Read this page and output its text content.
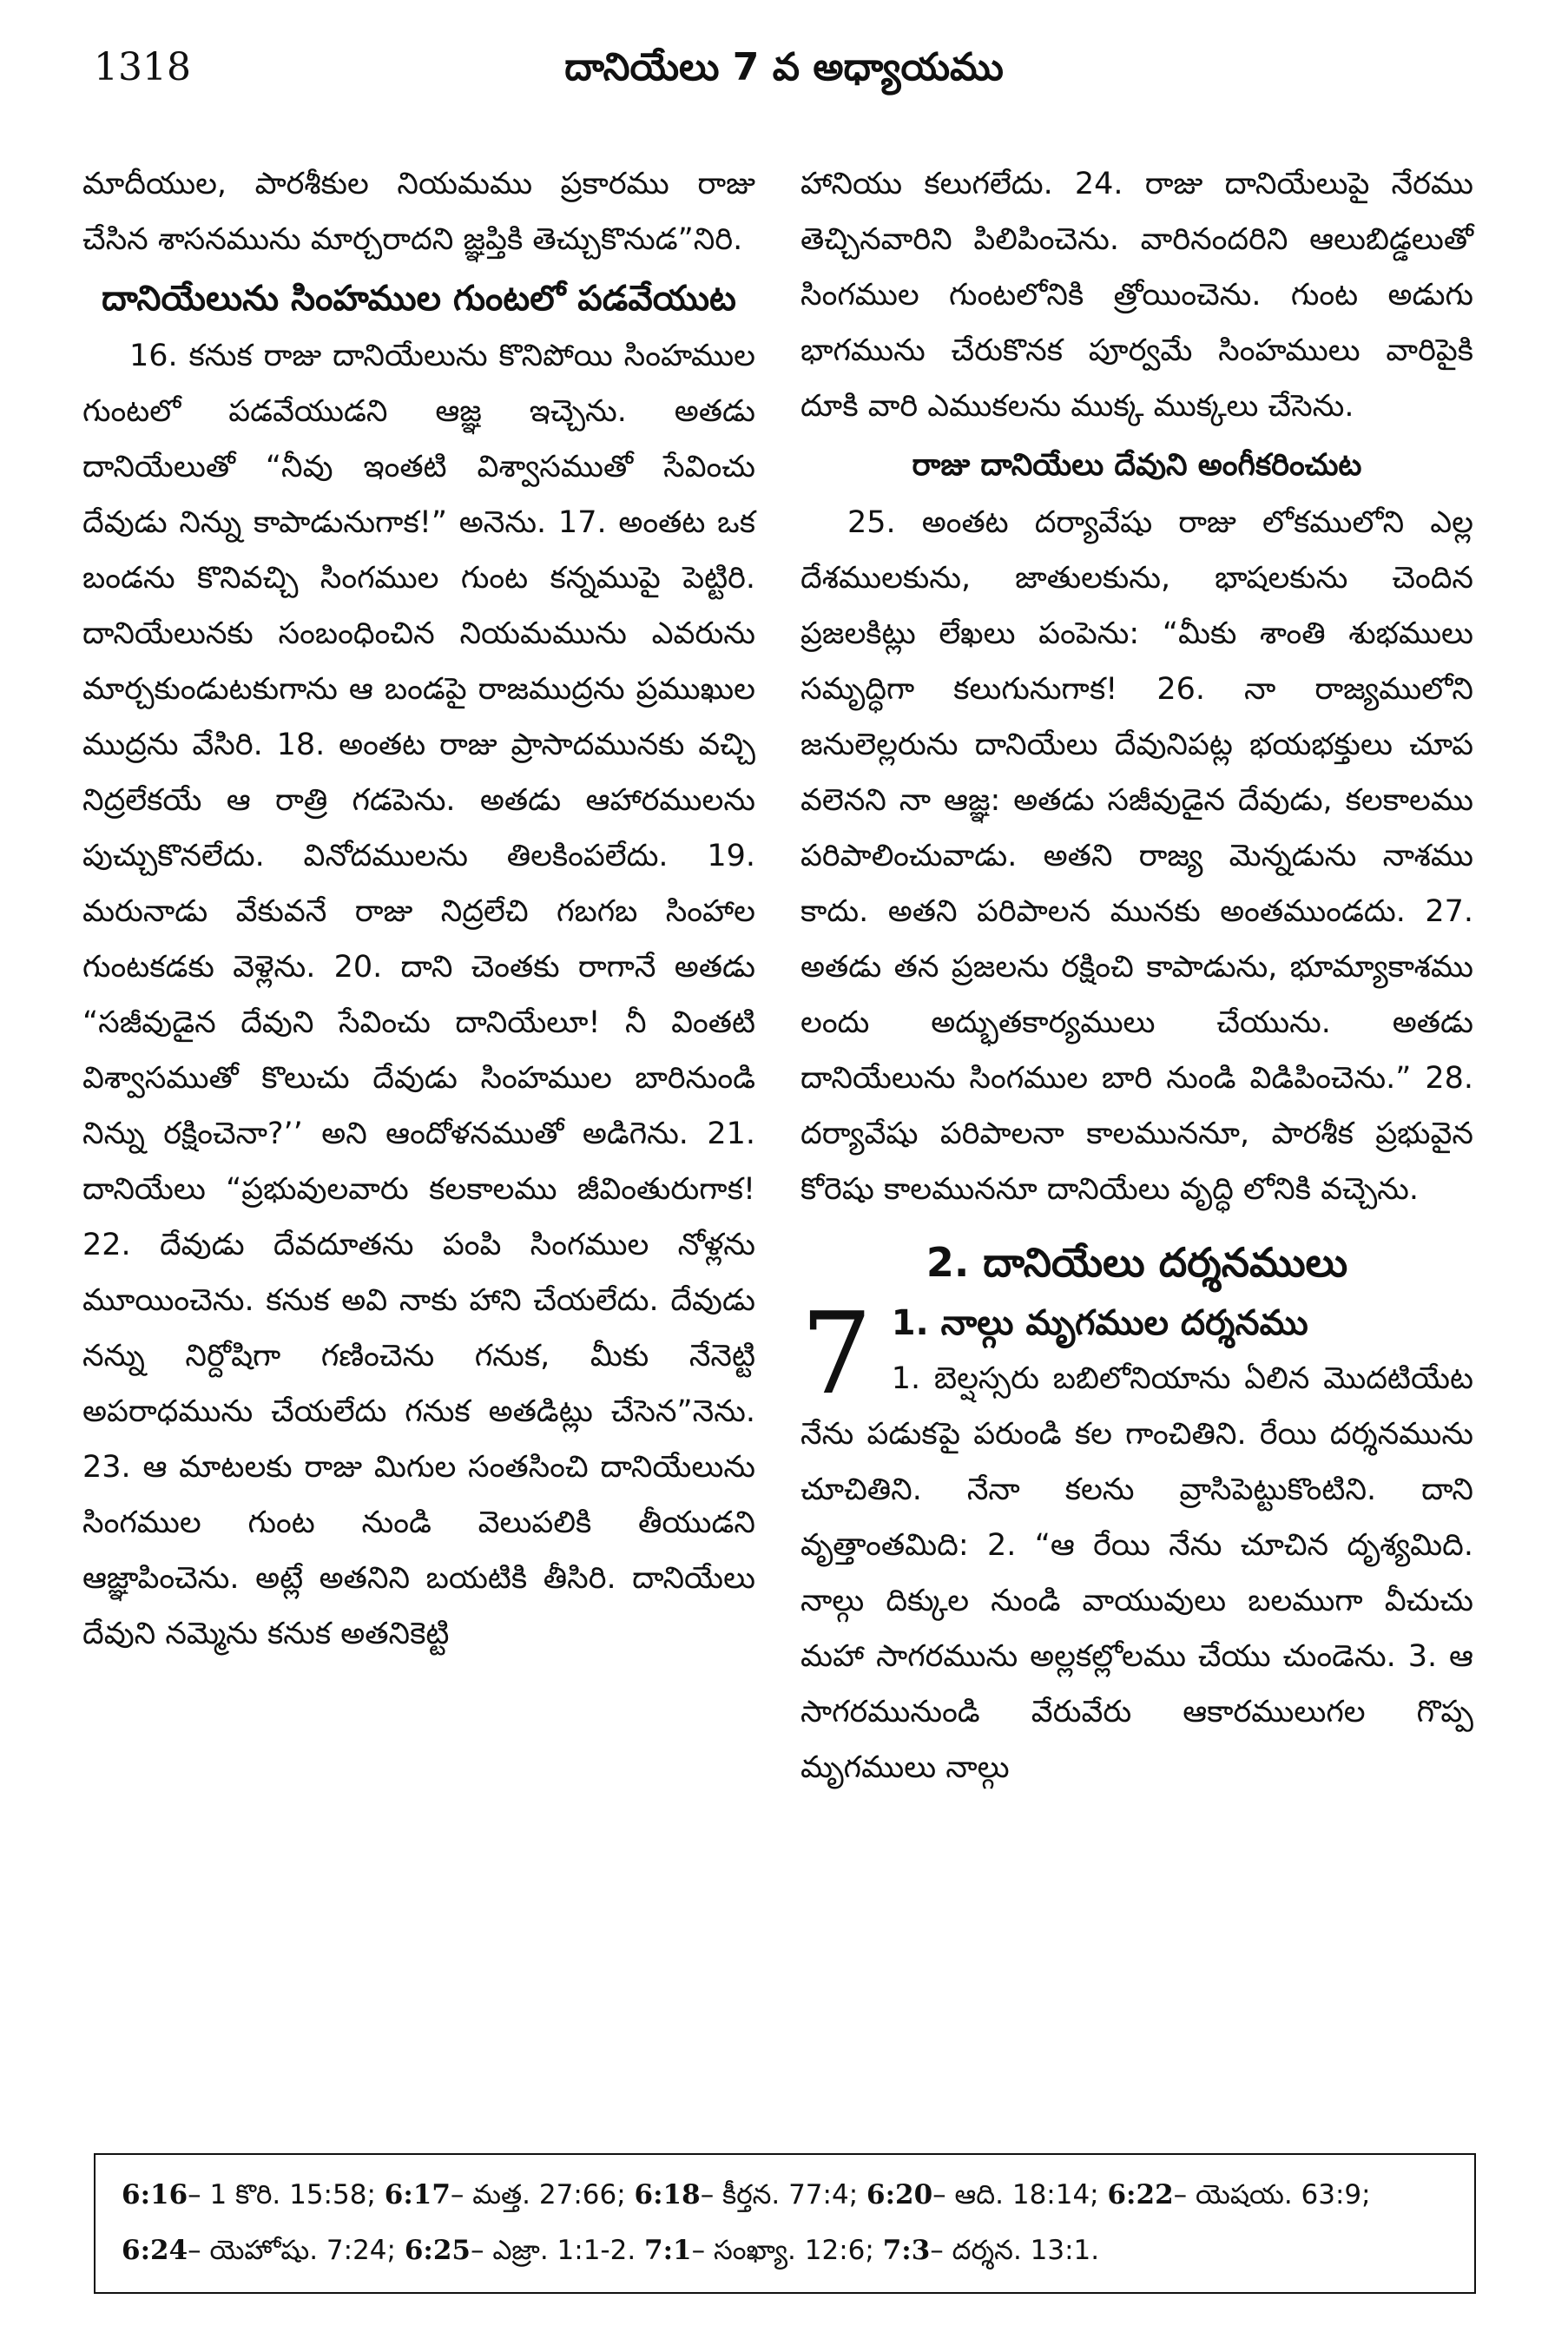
1318	దానియేలు 7 వ అధ్యాయము

మాదీయుల, పారశీకుల నియమము ప్రకారము రాజు చేసిన శాసనమును మార్చరాదని జ్ఞప్తికి తెచ్చుకొనుడ”నిరి.

దానియేలును సింహముల గుంటలో పడవేయుట

16. కనుక రాజు దానియేలును కొనిపోయి సింహముల గుంటలో పడవేయుడని ఆజ్ఞ ఇచ్చెను. అతడు దానియేలుతో “నీవు ఇంతటి విశ్వాసముతో సేవించు దేవుడు నిన్ను కాపాడునుగాక!” అనెను. 17. అంతట ఒక బండను కొనివచ్చి సింగముల గుంట కన్నముపై పెట్టిరి. దానియేలునకు సంబంధించిన నియమమును ఎవరును మార్చకుండుటకుగాను ఆ బండపై రాజముద్రను ప్రముఖుల ముద్రను వేసిరి. 18. అంతట రాజు ప్రాసాదమునకు వచ్చి నిద్రలేకయే ఆ రాత్రి గడపెను. అతడు ఆహారములను పుచ్చుకొనలేదు. వినోదములను తిలకింపలేదు. 19. మరునాడు వేకువనే రాజు నిద్రలేచి గబగబ సింహాల గుంటకడకు వెళ్లెను. 20. దాని చెంతకు రాగానే అతడు “సజీవుడైన దేవుని సేవించు దానియేలూ! నీ వింతటి విశ్వాసముతో కొలుచు దేవుడు సింహముల బారినుండి నిన్ను రక్షించెనా?’’ అని ఆందోళనముతో అడిగెను. 21. దానియేలు “ప్రభువులవారు కలకాలము జీవింతురుగాక! 22. దేవుడు దేవదూతను పంపి సింగముల నోళ్లను మూయించెను. కనుక అవి నాకు హాని చేయలేదు. దేవుడు నన్ను నిర్దోషిగా గణించెను గనుక, మీకు నేనెట్టి అపరాధమును చేయలేదు గనుక అతడిట్లు చేసెన”నెను. 23. ఆ మాటలకు రాజు మిగుల సంతసించి దానియేలును సింగముల గుంట నుండి వెలుపలికి తీయుడని ఆజ్ఞాపించెను. అట్లే అతనిని బయటికి తీసిరి. దానియేలు దేవుని నమ్మెను కనుక అతనికెట్టి

హానియు కలుగలేదు. 24. రాజు దానియేలుపై నేరము తెచ్చినవారిని పిలిపించెను. వారినందరిని ఆలుబిడ్డలుతో సింగముల గుంటలోనికి త్రోయించెను. గుంట అడుగు భాగమును చేరుకొనక పూర్వమే సింహములు వారిపైకి దూకి వారి ఎముకలను ముక్క ముక్కలు చేసెను.

రాజు దానియేలు దేవుని అంగీకరించుట

25. అంతట దర్యావేషు రాజు లోకములోని ఎల్ల దేశములకును, జాతులకును, భాషలకును చెందిన ప్రజలకిట్లు లేఖలు పంపెను: “మీకు శాంతి శుభములు సమృద్ధిగా కలుగునుగాక! 26. నా రాజ్యములోని జనులెల్లరును దానియేలు దేవునిపట్ల భయభక్తులు చూప వలెనని నా ఆజ్ఞ: అతడు సజీవుడైన దేవుడు, కలకాలము పరిపాలించువాడు. అతని రాజ్య మెన్నడును నాశము కాదు. అతని పరిపాలన మునకు అంతముండదు. 27. అతడు తన ప్రజలను రక్షించి కాపాడును, భూమ్యాకాశము లందు అద్భుతకార్యములు చేయును. అతడు దానియేలును సింగముల బారి నుండి విడిపించెను.” 28. దర్యావేషు పరిపాలనా కాలముననూ, పారశీక ప్రభువైన కోరెషు కాలముననూ దానియేలు వృద్ధి లోనికి వచ్చెను.

2. దానియేలు దర్శనములు
7 1. నాల్గు మృగముల దర్శనము

1. బెల్షస్సరు బబిలోనియాను ఏలిన మొదటియేట నేను పడుకపై పరుండి కల గాంచితిని. రేయి దర్శనమును చూచితిని. నేనా కలను వ్రాసిపెట్టుకొంటిని. దాని వృత్తాంతమిది: 2. “ఆ రేయి నేను చూచిన దృశ్యమిది. నాల్గు దిక్కుల నుండి వాయువులు బలముగా వీచుచు మహా సాగరమును అల్లకల్లోలము చేయు చుండెను. 3. ఆ సాగరమునుండి వేరువేరు ఆకారములుగల గొప్ప మృగములు నాల్గు

6:16– 1 కొరి. 15:58; 6:17– మత్త. 27:66; 6:18– కీర్తన. 77:4; 6:20– ఆది. 18:14; 6:22– యెషయ. 63:9; 6:24– యెహోషు. 7:24; 6:25– ఎజ్రా. 1:1-2. 7:1– సంఖ్యా. 12:6; 7:3– దర్శన. 13:1.
